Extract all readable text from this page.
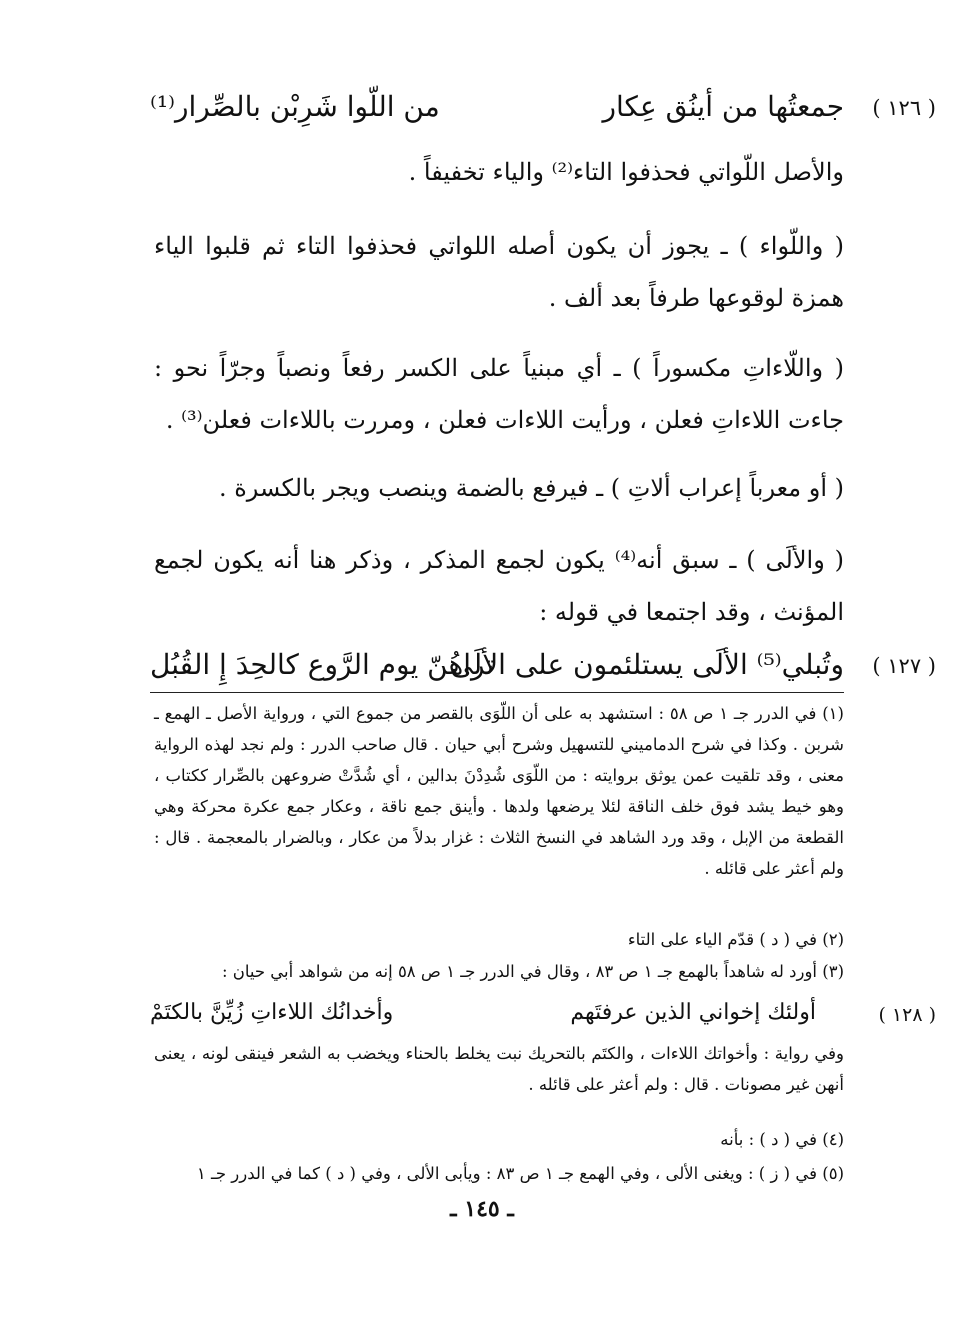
( ١٢٦ )
جمعتُها من أينُق عِكار
من اللّوا شَرِبْن بالصِّرار⁽¹⁾
والأصل اللّواتي فحذفوا التاء⁽²⁾ والياء تخفيفاً .
( واللّواء ) ـ يجوز أن يكون أصله اللواتي فحذفوا التاء ثم قلبوا الياء همزة لوقوعها طرفاً بعد ألف .
( واللّاءاتِ مكسوراً ) ـ أي مبنياً على الكسر رفعاً ونصباً وجرّاً نحو : جاءت اللاءاتِ فعلن ، ورأيت اللاءات فعلن ، ومررت باللاءات فعلن⁽³⁾ .
( أو معرباً إعراب ألاتِ ) ـ فيرفع بالضمة وينصب ويجر بالكسرة .
( والألَى ) ـ سبق أنه⁽⁴⁾ يكون لجمع المذكر ، وذكر هنا أنه يكون لجمع المؤنث ، وقد اجتمعا في قوله :
( ١٢٧ )
وتُبلي⁽⁵⁾ الألَى يستلئمون على الألَى
تراهُنّ يوم الرَّوع كالحِدَ إِ القُبُل
(١) في الدرر جـ ١ ص ٥٨ : استشهد به على أن اللّوَى بالقصر من جموع التي ، ورواية الأصل ـ الهمع ـ شربن . وكذا في شرح الدماميني للتسهيل وشرح أبي حيان . قال صاحب الدرر : ولم نجد لهذه الرواية معنى ، وقد تلقيت عمن يوثق بروايته : من اللّوَى شُدِدْنَ بدالين ، أي شُدَّتْ ضروعهن بالصِّرار ككتاب ، وهو خيط يشد فوق خلف الناقة لئلا يرضعها ولدها . وأينق جمع ناقة ، وعكار جمع عكرة محركة وهي القطعة من الإبل ، وقد ورد الشاهد في النسخ الثلاث : غزار بدلاً من عكار ، وبالضرار بالمعجمة . قال : ولم أعثر على قائله .
(٢) في ( د ) قدّم الياء على التاء
(٣) أورد له شاهداً بالهمع جـ ١ ص ٨٣ ، وقال في الدرر جـ ١ ص ٥٨ إنه من شواهد أبي حيان :
( ١٢٨ )
أولئك إخواني الذين عرفتَهم
وأخدانُك اللاءاتِ زُيِّنَّ بالكتَمْ
وفي رواية : وأخواتك اللاءات ، والكتَم بالتحريك نبت يخلط بالحناء ويخضب به الشعر فينقى لونه ، يعنى أنهن غير مصونات . قال : ولم أعثر على قائله .
(٤) في ( د ) : بأنه
(٥) في ( ز ) : ويغنى الألى ، وفي الهمع جـ ١ ص ٨٣ : ويأبى الألى ، وفي ( د ) كما في الدرر جـ ١
ـ ١٤٥ ـ
